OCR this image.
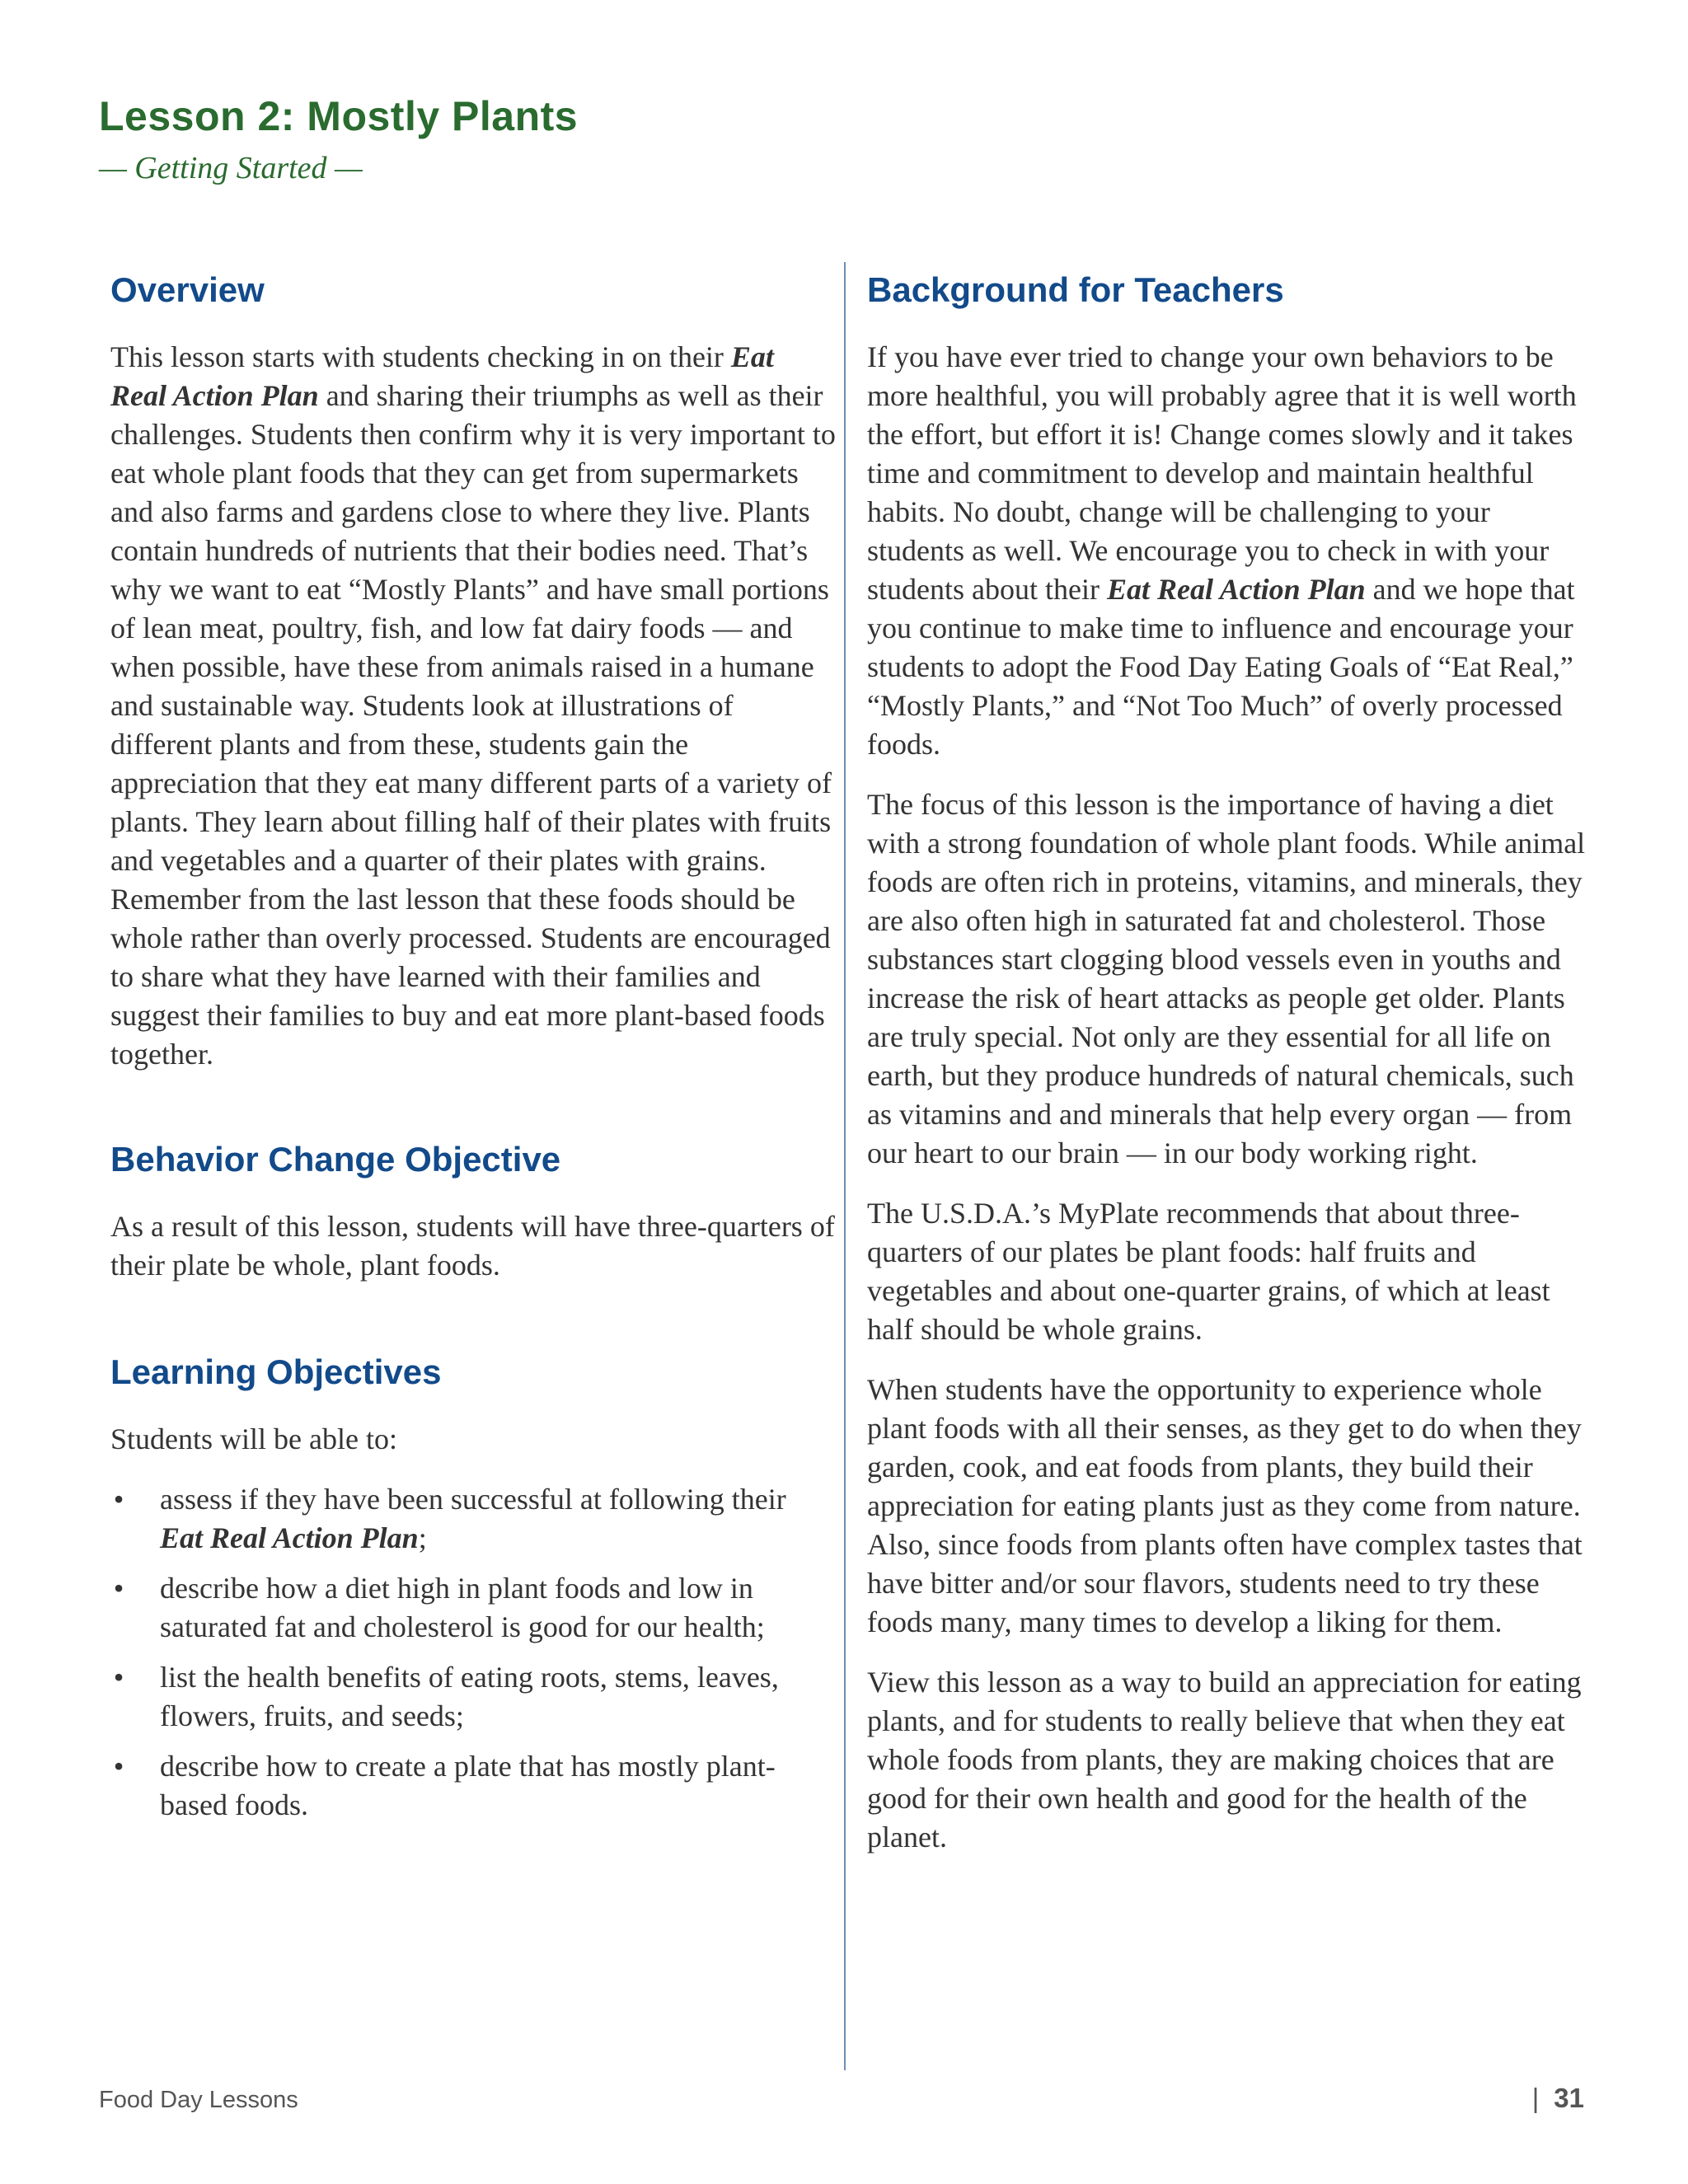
Lesson 2: Mostly Plants
— Getting Started —
Overview

This lesson starts with students checking in on their Eat Real Action Plan and sharing their triumphs as well as their challenges. Students then confirm why it is very important to eat whole plant foods that they can get from supermarkets and also farms and gardens close to where they live. Plants contain hundreds of nutrients that their bodies need. That’s why we want to eat “Mostly Plants” and have small portions of lean meat, poultry, fish, and low fat dairy foods — and when possible, have these from animals raised in a humane and sustainable way. Students look at illustrations of different plants and from these, students gain the appreciation that they eat many different parts of a variety of plants. They learn about filling half of their plates with fruits and vegetables and a quarter of their plates with grains. Remember from the last lesson that these foods should be whole rather than overly processed. Students are encouraged to share what they have learned with their families and suggest their families to buy and eat more plant-based foods together.

Behavior Change Objective

As a result of this lesson, students will have three-quarters of their plate be whole, plant foods.

Learning Objectives

Students will be able to:

• assess if they have been successful at following their Eat Real Action Plan;
• describe how a diet high in plant foods and low in saturated fat and cholesterol is good for our health;
• list the health benefits of eating roots, stems, leaves, flowers, fruits, and seeds;
• describe how to create a plate that has mostly plant-based foods.
Background for Teachers

If you have ever tried to change your own behaviors to be more healthful, you will probably agree that it is well worth the effort, but effort it is! Change comes slowly and it takes time and commitment to develop and maintain healthful habits. No doubt, change will be challenging to your students as well. We encourage you to check in with your students about their Eat Real Action Plan and we hope that you continue to make time to influence and encourage your students to adopt the Food Day Eating Goals of “Eat Real,” “Mostly Plants,” and “Not Too Much” of overly processed foods.

The focus of this lesson is the importance of having a diet with a strong foundation of whole plant foods. While animal foods are often rich in proteins, vitamins, and minerals, they are also often high in saturated fat and cholesterol. Those substances start clogging blood vessels even in youths and increase the risk of heart attacks as people get older. Plants are truly special. Not only are they essential for all life on earth, but they produce hundreds of natural chemicals, such as vitamins and and minerals that help every organ — from our heart to our brain — in our body working right.

The U.S.D.A.’s MyPlate recommends that about three-quarters of our plates be plant foods: half fruits and vegetables and about one-quarter grains, of which at least half should be whole grains.

When students have the opportunity to experience whole plant foods with all their senses, as they get to do when they garden, cook, and eat foods from plants, they build their appreciation for eating plants just as they come from nature. Also, since foods from plants often have complex tastes that have bitter and/or sour flavors, students need to try these foods many, many times to develop a liking for them.

View this lesson as a way to build an appreciation for eating plants, and for students to really believe that when they eat whole foods from plants, they are making choices that are good for their own health and good for the health of the planet.

Food Day Lessons	| 31
